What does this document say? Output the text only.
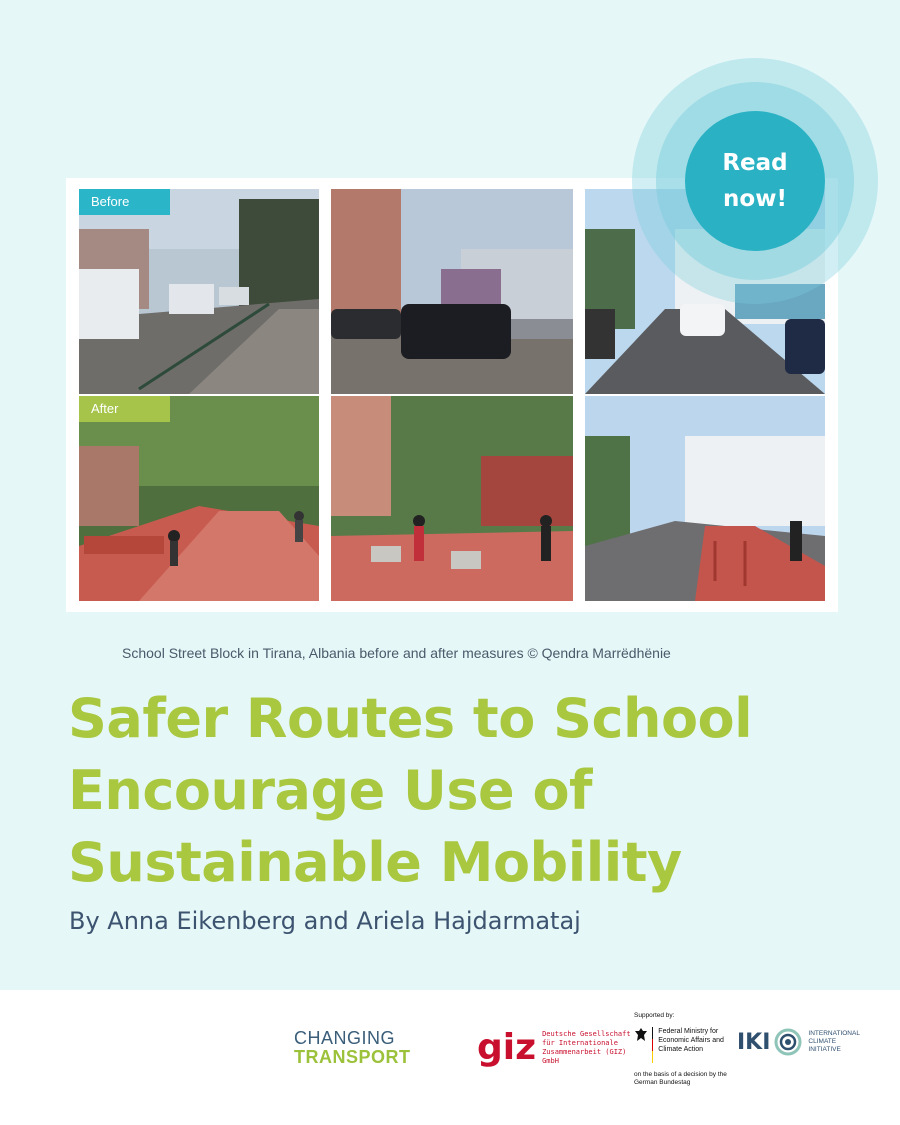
Before
After
Read
now!
School Street Block in Tirana, Albania before and after measures © Qendra Marrëdhënie
Safer Routes to School Encourage Use of Sustainable Mobility
By Anna Eikenberg and Ariela Hajdarmataj
CHANGING
TRANSPORT giz Deutsche Gesellschaft für Internationale Zusammenarbeit (GIZ) GmbH
Supported by:
Federal Ministry for Economic Affairs and Climate Action
on the basis of a decision by the German Bundestag
IKI	INTERNATIONAL CLIMATE INITIATIVE
